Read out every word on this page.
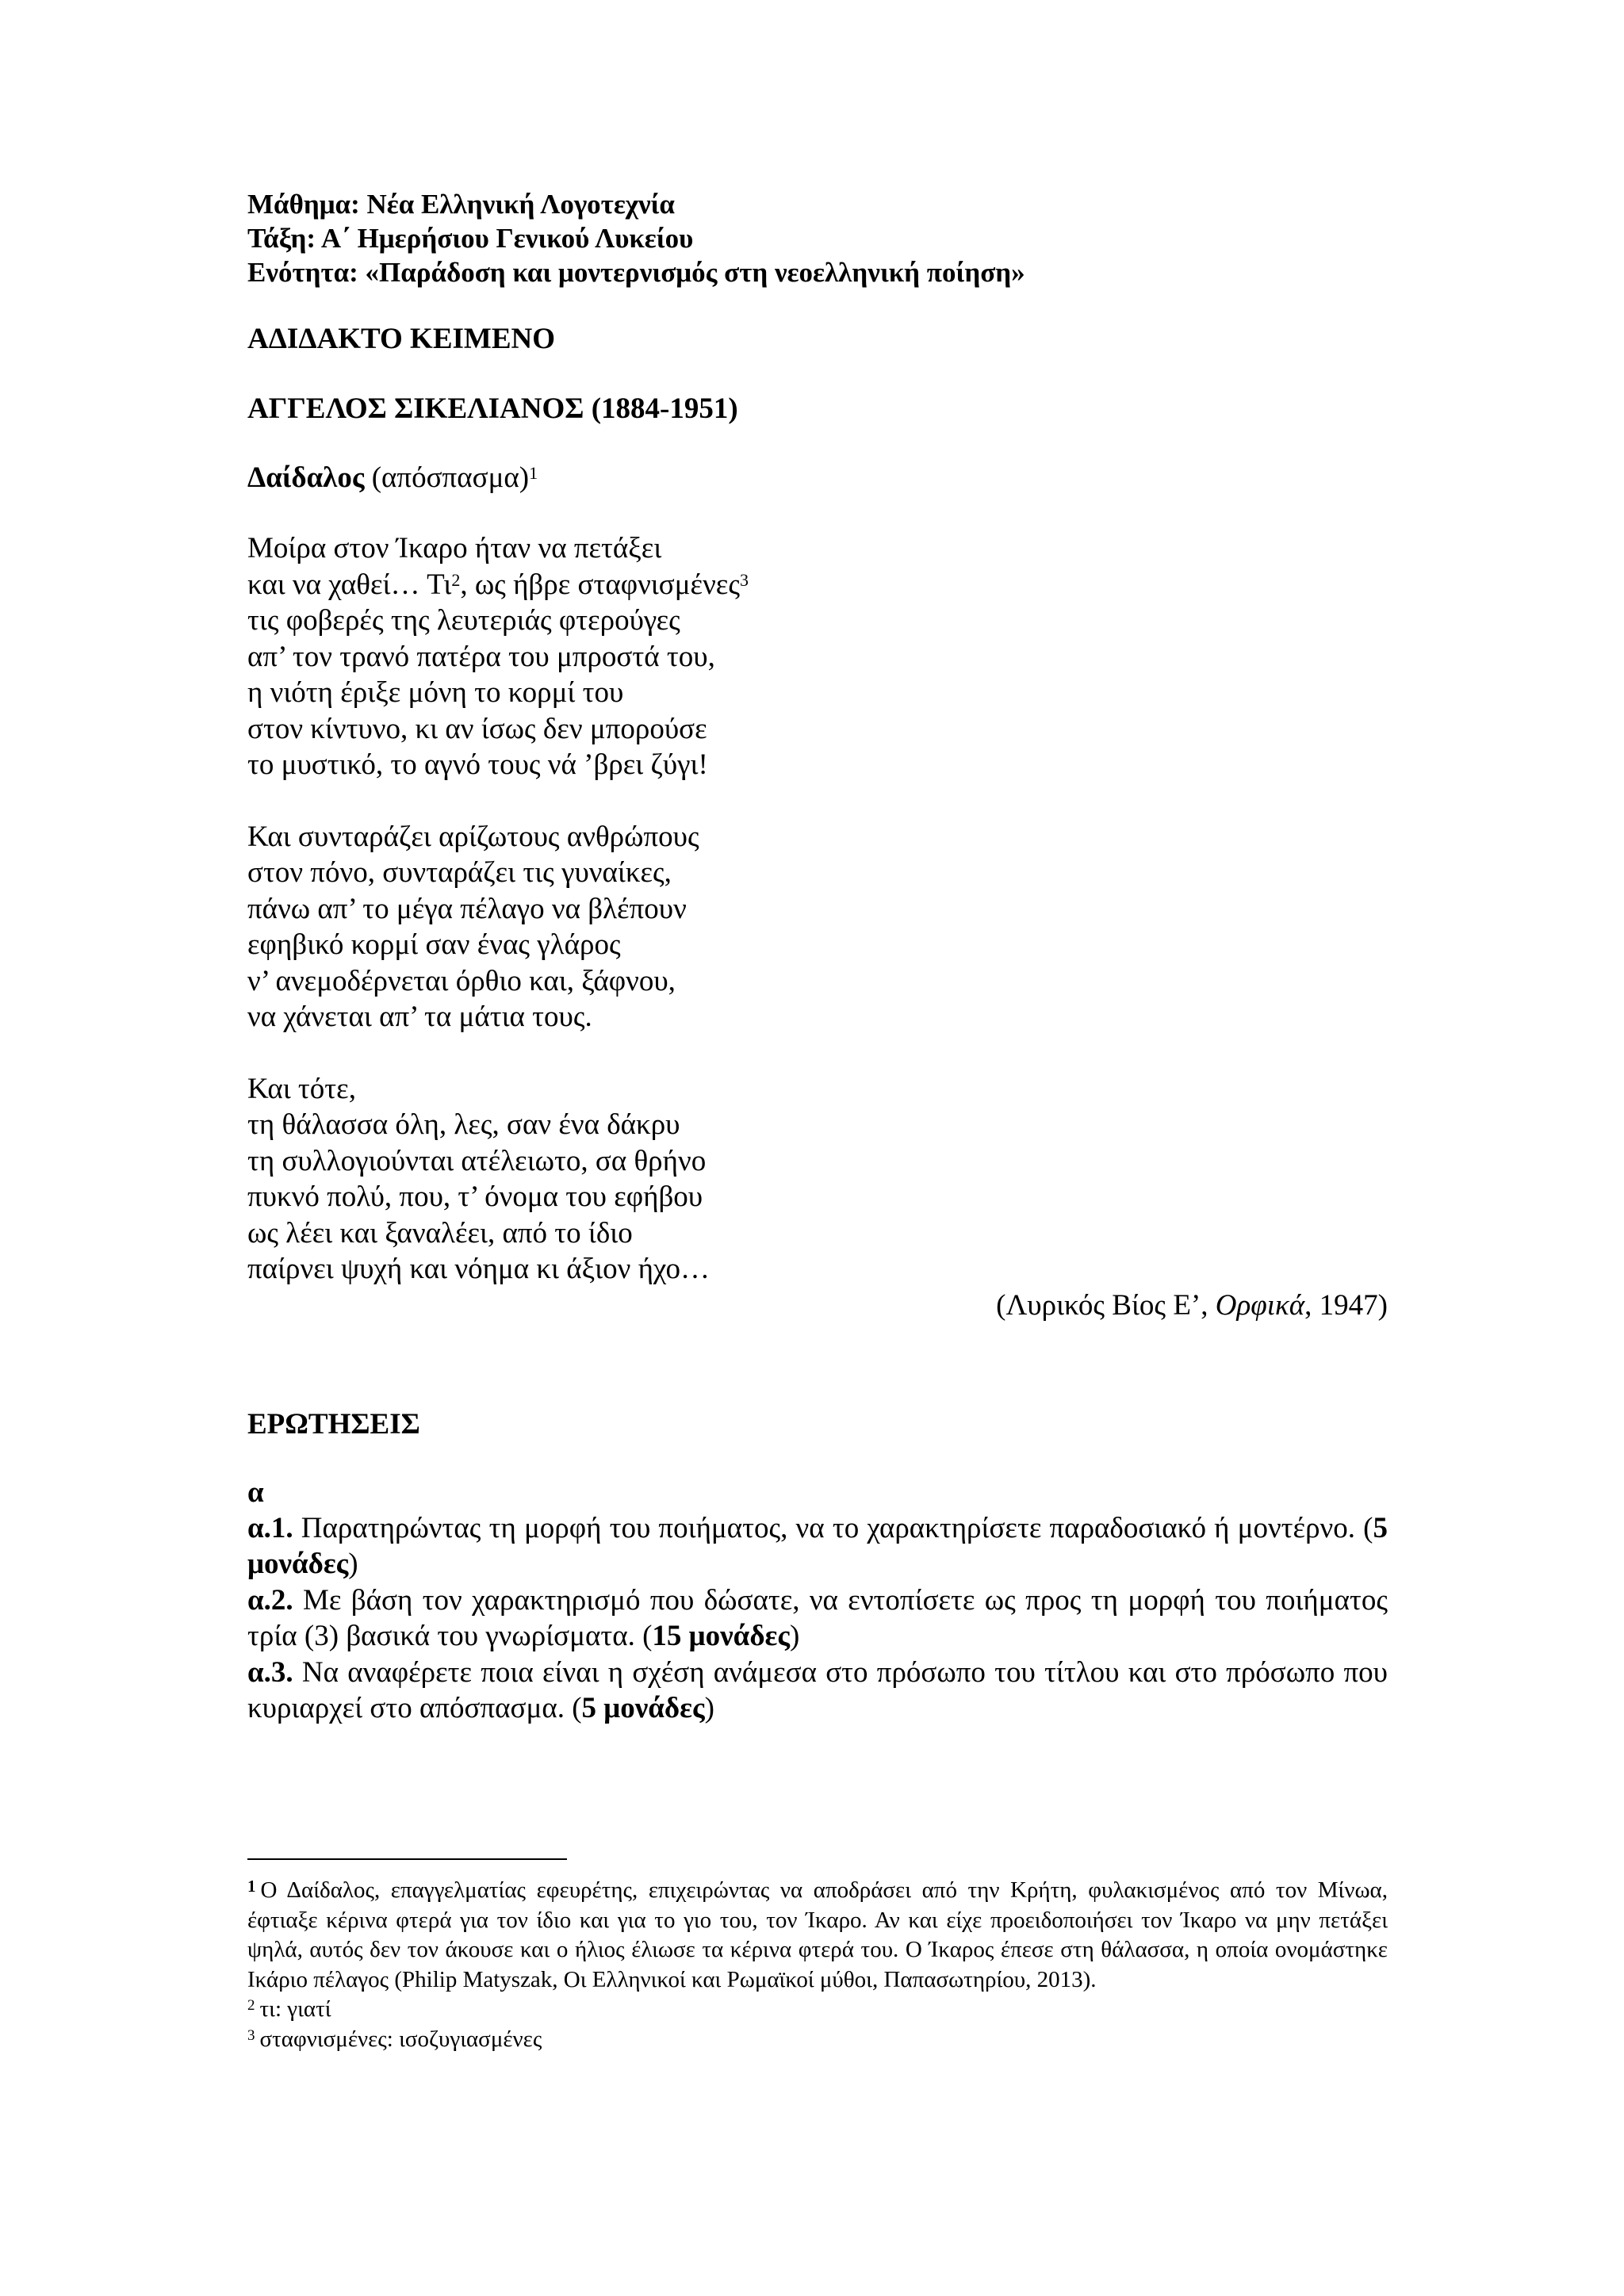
Μάθημα: Νέα Ελληνική Λογοτεχνία

Τάξη: Α΄ Ημερήσιου Γενικού Λυκείου

Ενότητα: «Παράδοση και μοντερνισμός στη νεοελληνική ποίηση»

ΑΔΙΔΑΚΤΟ ΚΕΙΜΕΝΟ

ΑΓΓΕΛΟΣ ΣΙΚΕΛΙΑΝΟΣ (1884-1951)

Δαίδαλος $(\alpha\pi ό\sigma\pi\alpha\sigma\mu\alpha)^1$

Μοίρα στον Ίκαρο ήταν να πετάξει
και να χαθεί… $T\iota^2$, ως ήβρε σταφνισμένες$^3$
τις φοβερές της λευτεριάς φτερούγες
απ’ τον τρανό πατέρα του μπροστά του,
η νιότη έριξε μόνη το κορμί του
στον κίντυνο, κι αν ίσως δεν μπορούσε
το μυστικό, το αγνό τους νά ’βρει ζύγι!
Και συνταράζει αρίζωτους ανθρώπους
στον πόνο, συνταράζει τις γυναίκες,
πάνω απ’ το μέγα πέλαγο να βλέπουν
εφηβικό κορμί σαν ένας γλάρος
ν’ ανεμοδέρνεται όρθιο και, ξάφνου,
να χάνεται απ’ τα μάτια τους.
Και τότε,
τη θάλασσα όλη, λες, σαν ένα δάκρυ
τη συλλογιούνται ατέλειωτο, σα θρήνο
πυκνό πολύ, που, τ’ όνομα του εφήβου
ως λέει και ξαναλέει, από το ίδιο
παίρνει ψυχή και νόημα κι άξιον ήχο…

(Λυρικός Βίος Ε’, Ορφικά, 1947)

ΕΡΩΤΗΣΕΙΣ

α

α.1. Παρατηρώντας τη μορφή του ποιήματος, να το χαρακτηρίσετε παραδοσιακό ή μοντέρνο. (5 μονάδες)

α.2. Με βάση τον χαρακτηρισμό που δώσατε, να εντοπίσετε ως προς τη μορφή του ποιήματος τρία (3) βασικά του γνωρίσματα. (15 μονάδες)

α.3. Να αναφέρετε ποια είναι η σχέση ανάμεσα στο πρόσωπο του τίτλου και στο πρόσωπο που κυριαρχεί στο απόσπασμα. (5 μονάδες)

$^1$ Ο Δαίδαλος, επαγγελματίας εφευρέτης, επιχειρώντας να αποδράσει από την Κρήτη, φυλακισμένος από τον Μίνωα, έφτιαξε κέρινα φτερά για τον ίδιο και για το γιο του, τον Ίκαρο. Αν και είχε προειδοποιήσει τον Ίκαρο να μην πετάξει ψηλά, αυτός δεν τον άκουσε και ο ήλιος έλιωσε τα κέρινα φτερά του. Ο Ίκαρος έπεσε στη θάλασσα, η οποία ονομάστηκε Ικάριο πέλαγος (Philip Matyszak, Οι Ελληνικοί και Ρωμαϊκοί μύθοι, Παπασωτηρίου, 2013).

$^2$ τι: γιατί

$^3$ σταφνισμένες: ισοζυγιασμένες
